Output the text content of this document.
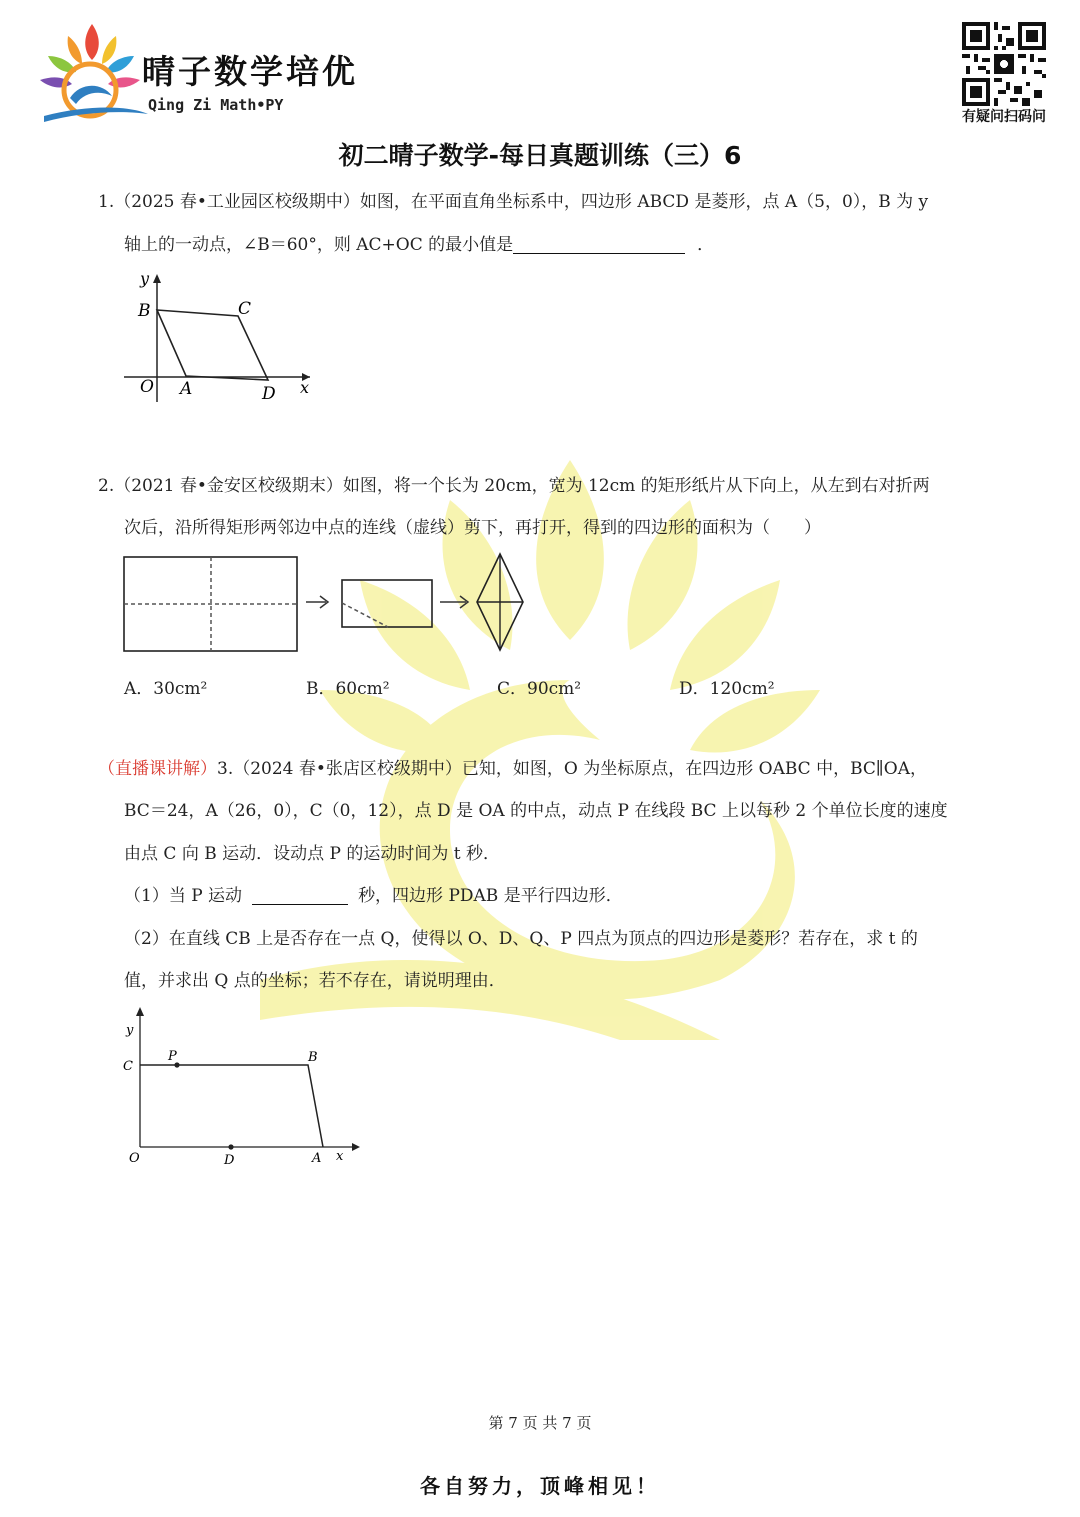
晴子数学培优
Qing Zi Math•PY
有疑问扫码问
初二晴子数学-每日真题训练（三）6
1.（2025 春•工业园区校级期中）如图，在平面直角坐标系中，四边形 ABCD 是菱形，点 A（5，0），B 为 y
轴上的一动点，∠B＝60°，则 AC+OC 的最小值是	．
y
B	C
O A	D x
2.（2021 春•金安区校级期末）如图，将一个长为 20cm，宽为 12cm 的矩形纸片从下向上，从左到右对折两
次后，沿所得矩形两邻边中点的连线（虚线）剪下，再打开，得到的四边形的面积为（　　）
A．30cm²	B．60cm²	C．90cm²	D．120cm²
（直播课讲解）3.（2024 春•张店区校级期中）已知，如图，O 为坐标原点，在四边形 OABC 中，BC∥OA，
BC＝24，A（26，0），C（0，12），点 D 是 OA 的中点，动点 P 在线段 BC 上以每秒 2 个单位长度的速度
由点 C 向 B 运动．设动点 P 的运动时间为 t 秒．
（1）当 P 运动	秒，四边形 PDAB 是平行四边形．
（2）在直线 CB 上是否存在一点 Q，使得以 O、D、Q、P 四点为顶点的四边形是菱形？若存在，求 t 的
值，并求出 Q 点的坐标；若不存在，请说明理由．
y
C
P	B
O	D	A x
第 7 页 共 7 页
各自努力，顶峰相见！
